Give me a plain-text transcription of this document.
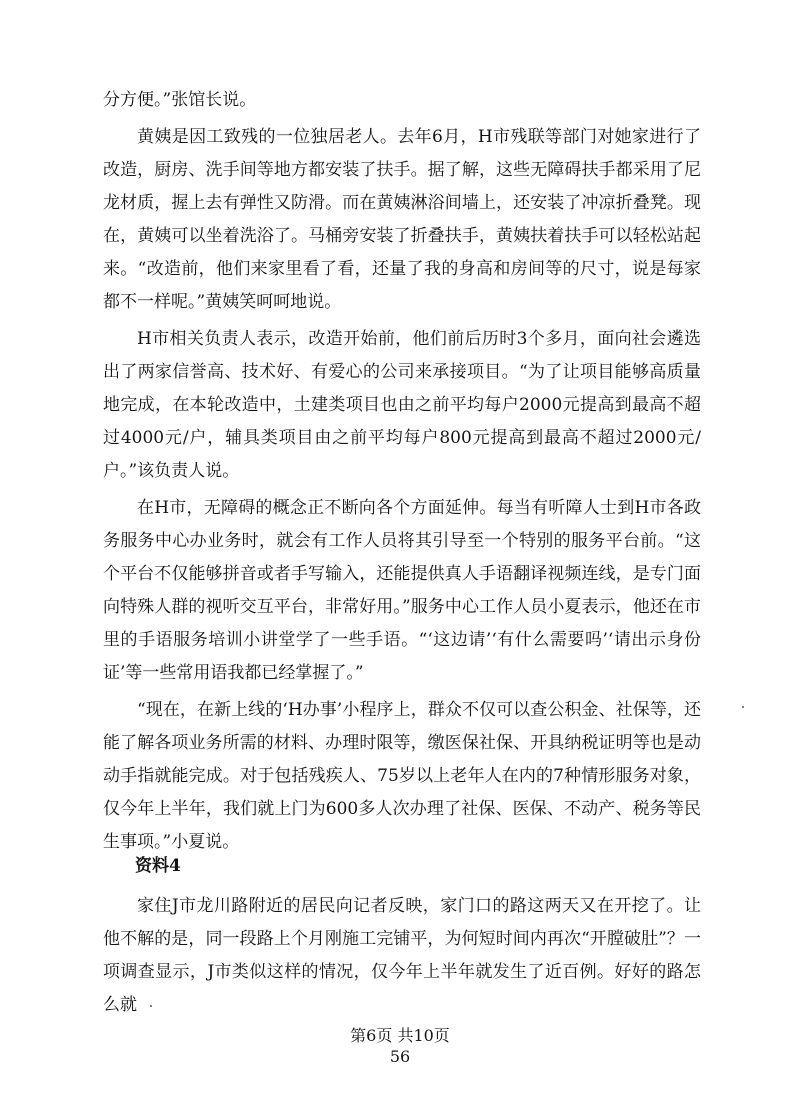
分方便。”张馆长说。

黄姨是因工致残的一位独居老人。去年6月，H市残联等部门对她家进行了改造，厨房、洗手间等地方都安装了扶手。据了解，这些无障碍扶手都采用了尼龙材质，握上去有弹性又防滑。而在黄姨淋浴间墙上，还安装了冲凉折叠凳。现在，黄姨可以坐着洗浴了。马桶旁安装了折叠扶手，黄姨扶着扶手可以轻松站起来。“改造前，他们来家里看了看，还量了我的身高和房间等的尺寸，说是每家都不一样呢。”黄姨笑呵呵地说。

H市相关负责人表示，改造开始前，他们前后历时3个多月，面向社会遴选出了两家信誉高、技术好、有爱心的公司来承接项目。“为了让项目能够高质量地完成，在本轮改造中，土建类项目也由之前平均每户2000元提高到最高不超过4000元/户，辅具类项目由之前平均每户800元提高到最高不超过2000元/户。”该负责人说。

在H市，无障碍的概念正不断向各个方面延伸。每当有听障人士到H市各政务服务中心办业务时，就会有工作人员将其引导至一个特别的服务平台前。“这个平台不仅能够拼音或者手写输入，还能提供真人手语翻译视频连线，是专门面向特殊人群的视听交互平台，非常好用。”服务中心工作人员小夏表示，他还在市里的手语服务培训小讲堂学了一些手语。“‘这边请’‘有什么需要吗’‘请出示身份证’等一些常用语我都已经掌握了。”

“现在，在新上线的‘H办事’小程序上，群众不仅可以查公积金、社保等，还能了解各项业务所需的材料、办理时限等，缴医保社保、开具纳税证明等也是动动手指就能完成。对于包括残疾人、75岁以上老年人在内的7种情形服务对象，仅今年上半年，我们就上门为600多人次办理了社保、医保、不动产、税务等民生事项。”小夏说。

资料4

家住J市龙川路附近的居民向记者反映，家门口的路这两天又在开挖了。让他不解的是，同一段路上个月刚施工完铺平，为何短时间内再次“开膛破肚”？一项调查显示，J市类似这样的情况，仅今年上半年就发生了近百例。好好的路怎么就

第6页 共10页
56
